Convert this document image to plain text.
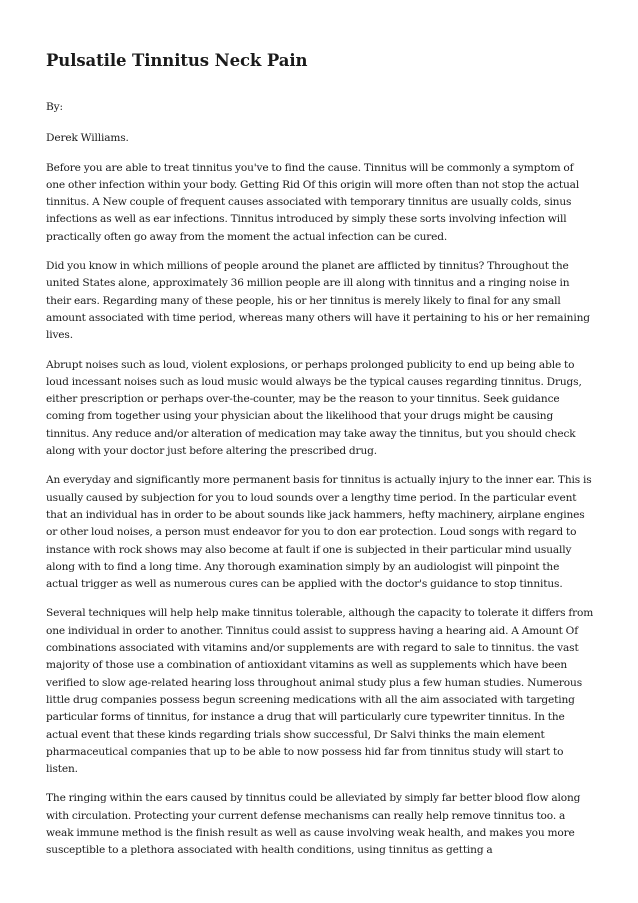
Pulsatile Tinnitus Neck Pain

By:

Derek Williams.

Before you are able to treat tinnitus you've to find the cause. Tinnitus will be commonly a symptom of one other infection within your body. Getting Rid Of this origin will more often than not stop the actual tinnitus. A New couple of frequent causes associated with temporary tinnitus are usually colds, sinus infections as well as ear infections. Tinnitus introduced by simply these sorts involving infection will practically often go away from the moment the actual infection can be cured.

Did you know in which millions of people around the planet are afflicted by tinnitus? Throughout the united States alone, approximately 36 million people are ill along with tinnitus and a ringing noise in their ears. Regarding many of these people, his or her tinnitus is merely likely to final for any small amount associated with time period, whereas many others will have it pertaining to his or her remaining lives.

Abrupt noises such as loud, violent explosions, or perhaps prolonged publicity to end up being able to loud incessant noises such as loud music would always be the typical causes regarding tinnitus. Drugs, either prescription or perhaps over-the-counter, may be the reason to your tinnitus. Seek guidance coming from together using your physician about the likelihood that your drugs might be causing tinnitus. Any reduce and/or alteration of medication may take away the tinnitus, but you should check along with your doctor just before altering the prescribed drug.

An everyday and significantly more permanent basis for tinnitus is actually injury to the inner ear. This is usually caused by subjection for you to loud sounds over a lengthy time period. In the particular event that an individual has in order to be about sounds like jack hammers, hefty machinery, airplane engines or other loud noises, a person must endeavor for you to don ear protection. Loud songs with regard to instance with rock shows may also become at fault if one is subjected in their particular mind usually along with to find a long time. Any thorough examination simply by an audiologist will pinpoint the actual trigger as well as numerous cures can be applied with the doctor's guidance to stop tinnitus.

Several techniques will help help make tinnitus tolerable, although the capacity to tolerate it differs from one individual in order to another. Tinnitus could assist to suppress having a hearing aid. A Amount Of combinations associated with vitamins and/or supplements are with regard to sale to tinnitus. the vast majority of those use a combination of antioxidant vitamins as well as supplements which have been verified to slow age-related hearing loss throughout animal study plus a few human studies. Numerous little drug companies possess begun screening medications with all the aim associated with targeting particular forms of tinnitus, for instance a drug that will particularly cure typewriter tinnitus. In the actual event that these kinds regarding trials show successful, Dr Salvi thinks the main element pharmaceutical companies that up to be able to now possess hid far from tinnitus study will start to listen.

The ringing within the ears caused by tinnitus could be alleviated by simply far better blood flow along with circulation. Protecting your current defense mechanisms can really help remove tinnitus too. a weak immune method is the finish result as well as cause involving weak health, and makes you more susceptible to a plethora associated with health conditions, using tinnitus as getting a
